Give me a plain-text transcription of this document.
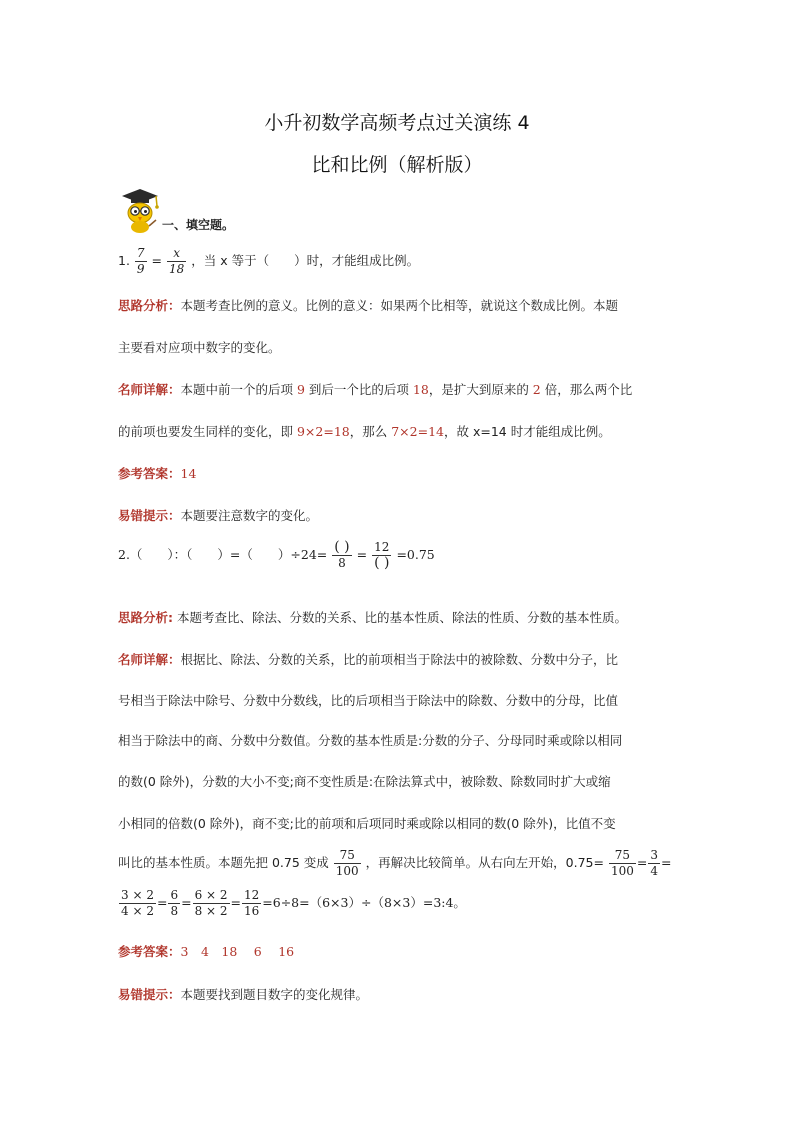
小升初数学高频考点过关演练 4
比和比例（解析版）
一、填空题。
1. $\frac{7}{9} = \frac{x}{18}$ ，当 x 等于（　　）时，才能组成比例。
思路分析：本题考查比例的意义。比例的意义：如果两个比相等，就说这个数成比例。本题
主要看对应项中数字的变化。
名师详解：本题中前一个的后项 9 到后一个比的后项 18，是扩大到原来的 2 倍，那么两个比
的前项也要发生同样的变化，即 9×2=18，那么 7×2=14，故 x=14 时才能组成比例。
参考答案：14
易错提示：本题要注意数字的变化。
2.（　　）：（　　）=（　　）$\div 24= \frac{( )}{8} = \frac{12}{( )} =0.75$
思路分析: 本题考查比、除法、分数的关系、比的基本性质、除法的性质、分数的基本性质。
名师详解：根据比、除法、分数的关系，比的前项相当于除法中的被除数、分数中分子，比
号相当于除法中除号、分数中分数线，比的后项相当于除法中的除数、分数中的分母，比值
相当于除法中的商、分数中分数值。分数的基本性质是:分数的分子、分母同时乘或除以相同
的数(0 除外)，分数的大小不变;商不变性质是:在除法算式中，被除数、除数同时扩大或缩
小相同的倍数(0 除外)，商不变;比的前项和后项同时乘或除以相同的数(0 除外)，比值不变
叫比的基本性质。本题先把 0.75 变成 $\frac{75}{100}$ ，再解决比较简单。从右向左开始，$0.75= \frac{75}{100} = \frac{3}{4}$ =
$\frac{3 \times 2}{4 \times 2} = \frac{6}{8} = \frac{6 \times 2}{8 \times 2} = \frac{12}{16}$ =6÷8=（6×3）÷（8×3）=3:4。
参考答案：3　4　18　 6　 16
易错提示：本题要找到题目数字的变化规律。
